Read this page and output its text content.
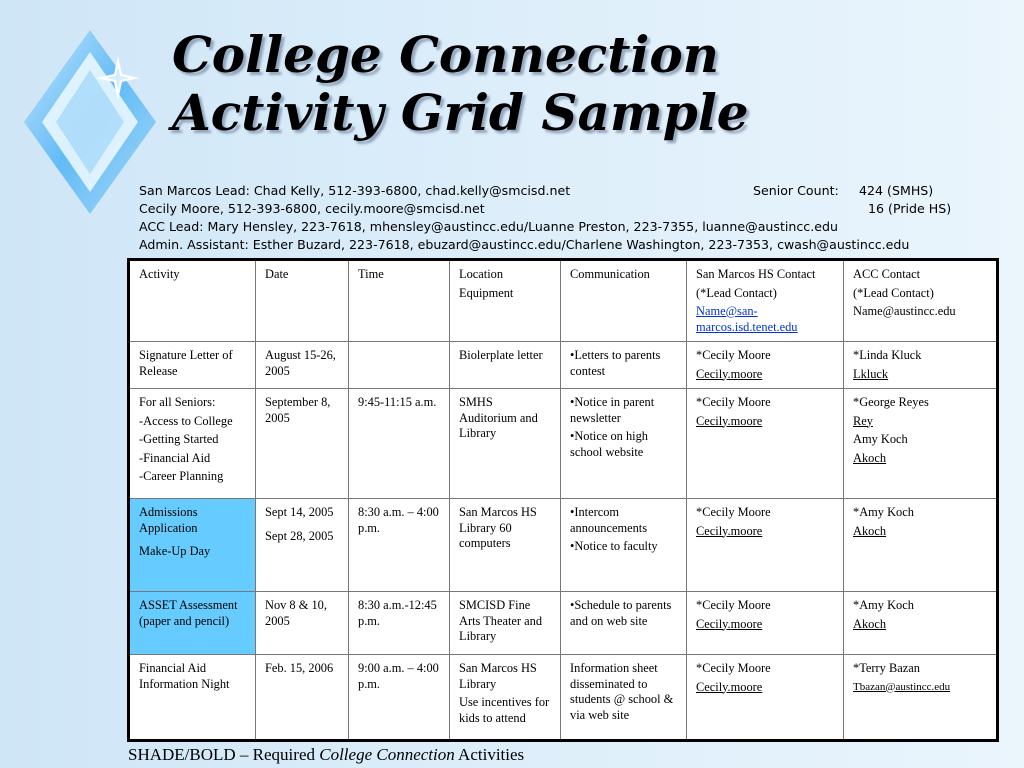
College Connection
Activity Grid Sample
San Marcos Lead: Chad Kelly, 512-393-6800, chad.kelly@smcisd.net	Senior Count: 424 (SMHS)
Cecily Moore, 512-393-6800, cecily.moore@smcisd.net	16 (Pride HS)
ACC Lead: Mary Hensley, 223-7618, mhensley@austincc.edu/Luanne Preston, 223-7355, luanne@austincc.edu
Admin. Assistant: Esther Buzard, 223-7618, ebuzard@austincc.edu/Charlene Washington, 223-7353, cwash@austincc.edu
Activity	Date	Time	Location
Equipment	Communication	San Marcos HS Contact
(*Lead Contact)
Name@san-marcos.isd.tenet.edu	ACC Contact
(*Lead Contact)
Name@austincc.edu

Signature Letter of Release	August 15-26, 2005		Biolerplate letter	•Letters to parents contest	*Cecily Moore
Cecily.moore	*Linda Kluck
Lkluck

For all Seniors:
-Access to College
-Getting Started
-Financial Aid
-Career Planning	September 8, 2005	9:45-11:15 a.m.	SMHS Auditorium and Library	•Notice in parent newsletter
•Notice on high school website	*Cecily Moore
Cecily.moore	*George Reyes
Rey
Amy Koch
Akoch

Admissions Application
Make-Up Day	Sept 14, 2005
Sept 28, 2005	8:30 a.m. – 4:00 p.m.	San Marcos HS Library 60 computers	•Intercom announcements
•Notice to faculty	*Cecily Moore
Cecily.moore	*Amy Koch
Akoch

ASSET Assessment (paper and pencil)	Nov 8 & 10, 2005	8:30 a.m.-12:45 p.m.	SMCISD Fine Arts Theater and Library	•Schedule to parents and on web site	*Cecily Moore
Cecily.moore	*Amy Koch
Akoch

Financial Aid Information Night	Feb. 15, 2006	9:00 a.m. – 4:00 p.m.	San Marcos HS Library
Use incentives for kids to attend	Information sheet disseminated to students @ school & via web site	*Cecily Moore
Cecily.moore	*Terry Bazan
Tbazan@austincc.edu
SHADE/BOLD – Required College Connection Activities
